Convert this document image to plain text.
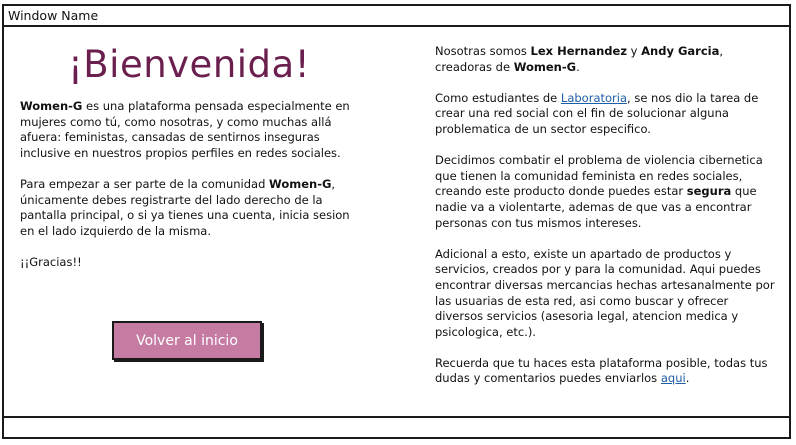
Window Name
¡Bienvenida!

Women-G es una plataforma pensada especialmente en mujeres como tú, como nosotras, y como muchas allá afuera: feministas, cansadas de sentirnos inseguras inclusive en nuestros propios perfiles en redes sociales.

Para empezar a ser parte de la comunidad Women-G, únicamente debes registrarte del lado derecho de la pantalla principal, o si ya tienes una cuenta, inicia sesion en el lado izquierdo de la misma.

¡¡Gracias!!

Volver al inicio

Nosotras somos Lex Hernandez y Andy Garcia, creadoras de Women-G.

Como estudiantes de Laboratoria, se nos dio la tarea de crear una red social con el fin de solucionar alguna problematica de un sector especifico.

Decidimos combatir el problema de violencia cibernetica que tienen la comunidad feminista en redes sociales, creando este producto donde puedes estar segura que nadie va a violentarte, ademas de que vas a encontrar personas con tus mismos intereses.

Adicional a esto, existe un apartado de productos y servicios, creados por y para la comunidad. Aqui puedes encontrar diversas mercancias hechas artesanalmente por las usuarias de esta red, asi como buscar y ofrecer diversos servicios (asesoria legal, atencion medica y psicologica, etc.).

Recuerda que tu haces esta plataforma posible, todas tus dudas y comentarios puedes enviarlos aqui.
